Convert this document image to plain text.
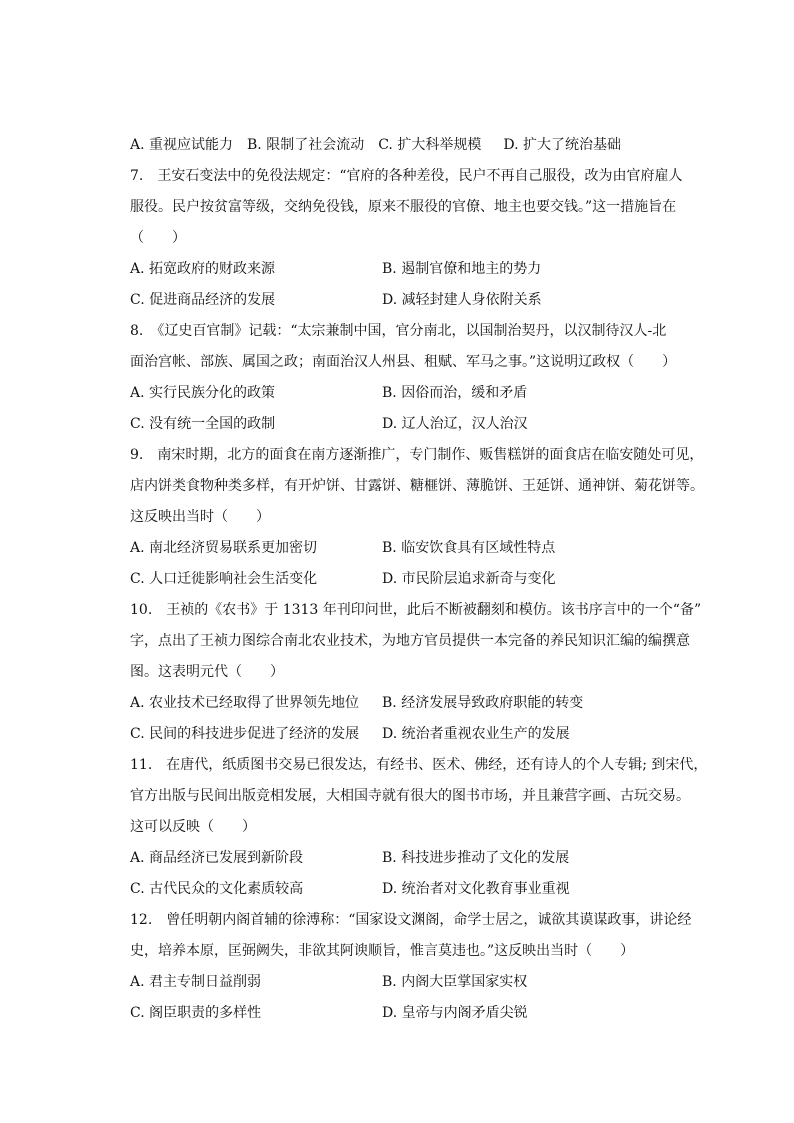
A. 重视应试能力 B. 限制了社会流动 C. 扩大科举规模 D. 扩大了统治基础
7.　王安石变法中的免役法规定：“官府的各种差役，民户不再自己服役，改为由官府雇人
服役。民户按贫富等级，交纳免役钱，原来不服役的官僚、地主也要交钱。”这一措施旨在
（　　）
A. 拓宽政府的财政来源	B. 遏制官僚和地主的势力
C. 促进商品经济的发展	D. 减轻封建人身依附关系
8.　《辽史百官制》记载：“太宗兼制中国，官分南北，以国制治契丹，以汉制待汉人-北
面治宫帐、部族、属国之政；南面治汉人州县、租赋、军马之事。”这说明辽政权（　　）
A. 实行民族分化的政策	B. 因俗而治，缓和矛盾
C. 没有统一全国的政制	D. 辽人治辽，汉人治汉
9.　南宋时期，北方的面食在南方逐渐推广，专门制作、贩售糕饼的面食店在临安随处可见，
店内饼类食物种类多样，有开炉饼、甘露饼、糖榧饼、薄脆饼、王延饼、通神饼、菊花饼等。
这反映出当时（　　）
A. 南北经济贸易联系更加密切	B. 临安饮食具有区域性特点
C. 人口迁徙影响社会生活变化	D. 市民阶层追求新奇与变化
10.　王祯的《农书》于 1313 年刊印问世，此后不断被翻刻和模仿。该书序言中的一个“备”
字，点出了王祯力图综合南北农业技术，为地方官员提供一本完备的养民知识汇编的编撰意
图。这表明元代（　　）
A. 农业技术已经取得了世界领先地位	B. 经济发展导致政府职能的转变
C. 民间的科技进步促进了经济的发展	D. 统治者重视农业生产的发展
11.　在唐代，纸质图书交易已很发达，有经书、医术、佛经，还有诗人的个人专辑; 到宋代，
官方出版与民间出版竞相发展，大相国寺就有很大的图书市场，并且兼营字画、古玩交易。
这可以反映（　　）
A. 商品经济已发展到新阶段	B. 科技进步推动了文化的发展
C. 古代民众的文化素质较高	D. 统治者对文化教育事业重视
12.　曾任明朝内阁首辅的徐溥称：“国家设文渊阁，命学士居之，诚欲其谟谋政事，讲论经
史，培养本原，匡弼阙失，非欲其阿谀顺旨，惟言莫违也。”这反映出当时（　　）
A. 君主专制日益削弱	B. 内阁大臣掌国家实权
C. 阁臣职责的多样性	D. 皇帝与内阁矛盾尖锐
